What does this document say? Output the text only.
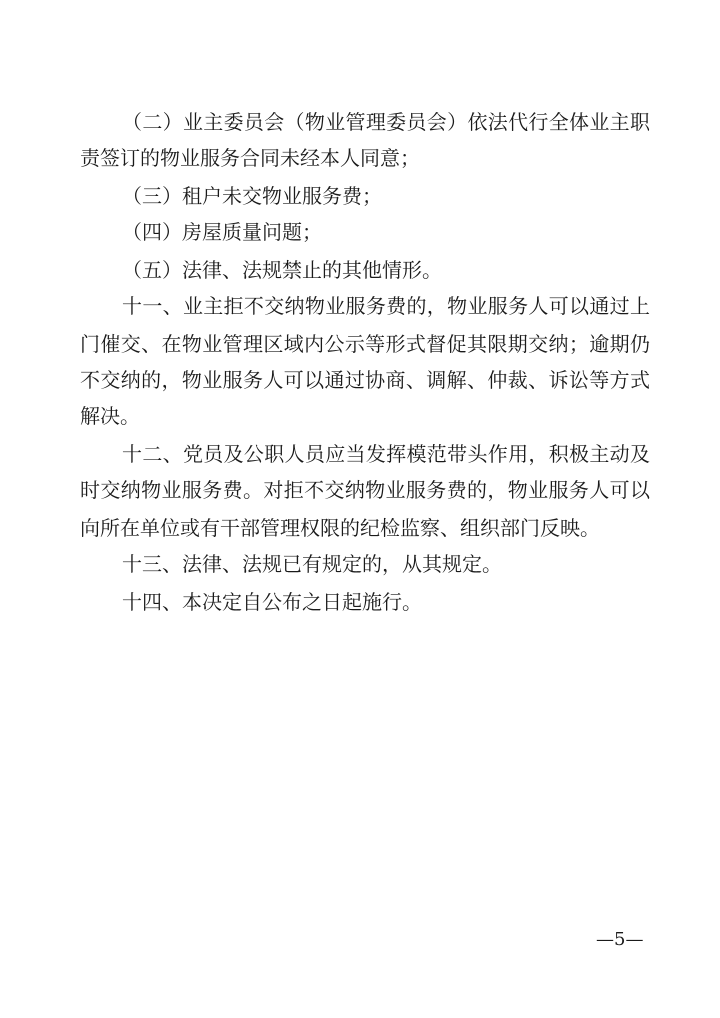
（二）业主委员会（物业管理委员会）依法代行全体业主职
责签订的物业服务合同未经本人同意；
（三）租户未交物业服务费；
（四）房屋质量问题；
（五）法律、法规禁止的其他情形。
十一、业主拒不交纳物业服务费的，物业服务人可以通过上
门催交、在物业管理区域内公示等形式督促其限期交纳；逾期仍
不交纳的，物业服务人可以通过协商、调解、仲裁、诉讼等方式
解决。
十二、党员及公职人员应当发挥模范带头作用，积极主动及
时交纳物业服务费。对拒不交纳物业服务费的，物业服务人可以
向所在单位或有干部管理权限的纪检监察、组织部门反映。
十三、法律、法规已有规定的，从其规定。
十四、本决定自公布之日起施行。
—5—
